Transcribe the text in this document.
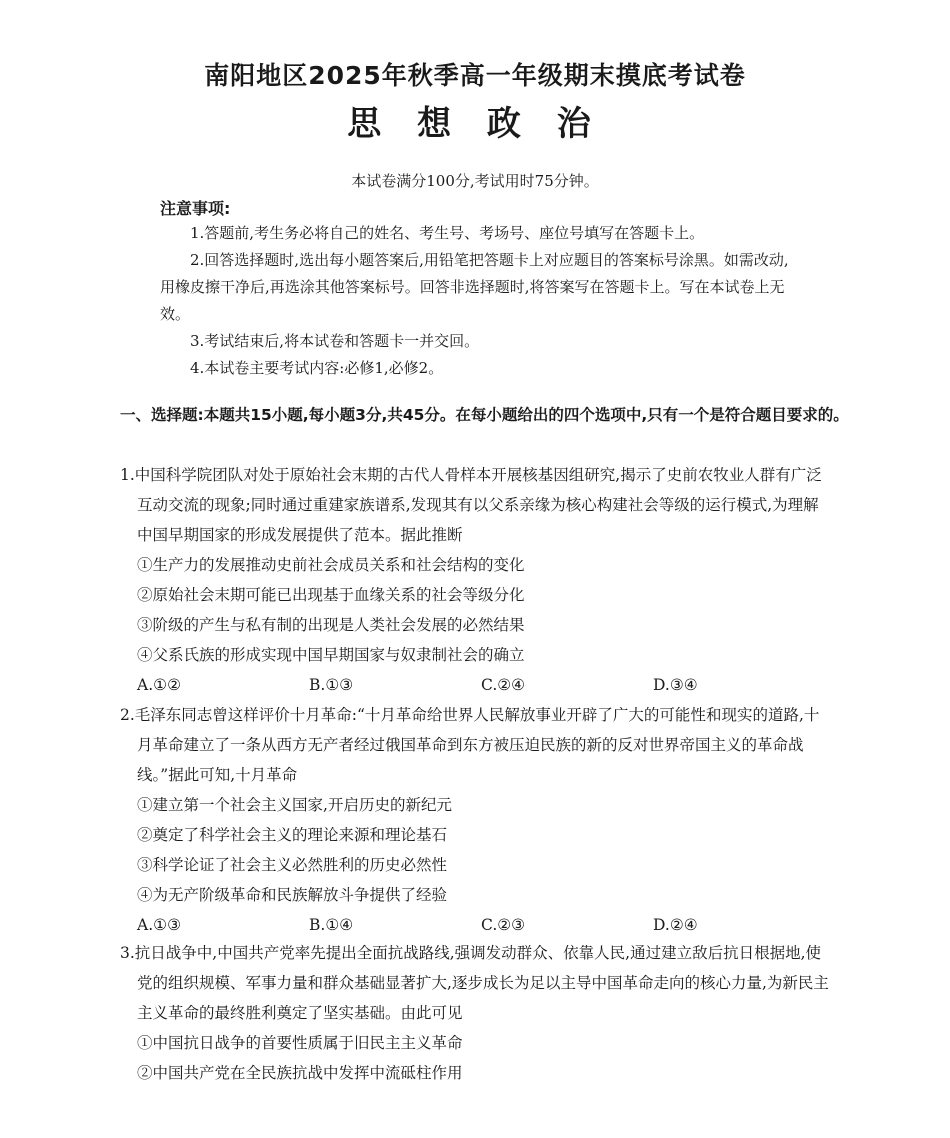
南阳地区2025年秋季高一年级期末摸底考试卷
思 想 政 治
本试卷满分100分,考试用时75分钟。
注意事项:

1.答题前,考生务必将自己的姓名、考生号、考场号、座位号填写在答题卡上。

2.回答选择题时,选出每小题答案后,用铅笔把答题卡上对应题目的答案标号涂黑。如需改动,用橡皮擦干净后,再选涂其他答案标号。回答非选择题时,将答案写在答题卡上。写在本试卷上无效。

3.考试结束后,将本试卷和答题卡一并交回。

4.本试卷主要考试内容:必修1,必修2。

一、选择题:本题共15小题,每小题3分,共45分。在每小题给出的四个选项中,只有一个是符合题目要求的。

1.中国科学院团队对处于原始社会末期的古代人骨样本开展核基因组研究,揭示了史前农牧业人群有广泛互动交流的现象;同时通过重建家族谱系,发现其有以父系亲缘为核心构建社会等级的运行模式,为理解中国早期国家的形成发展提供了范本。据此推断

①生产力的发展推动史前社会成员关系和社会结构的变化

②原始社会末期可能已出现基于血缘关系的社会等级分化

③阶级的产生与私有制的出现是人类社会发展的必然结果

④父系氏族的形成实现中国早期国家与奴隶制社会的确立

A.①②	B.①③	C.②④	D.③④

2.毛泽东同志曾这样评价十月革命:“十月革命给世界人民解放事业开辟了广大的可能性和现实的道路,十月革命建立了一条从西方无产者经过俄国革命到东方被压迫民族的新的反对世界帝国主义的革命战线。”据此可知,十月革命

①建立第一个社会主义国家,开启历史的新纪元

②奠定了科学社会主义的理论来源和理论基石

③科学论证了社会主义必然胜利的历史必然性

④为无产阶级革命和民族解放斗争提供了经验

A.①③	B.①④	C.②③	D.②④

3.抗日战争中,中国共产党率先提出全面抗战路线,强调发动群众、依靠人民,通过建立敌后抗日根据地,使党的组织规模、军事力量和群众基础显著扩大,逐步成长为足以主导中国革命走向的核心力量,为新民主主义革命的最终胜利奠定了坚实基础。由此可见

①中国抗日战争的首要性质属于旧民主主义革命

②中国共产党在全民族抗战中发挥中流砥柱作用
